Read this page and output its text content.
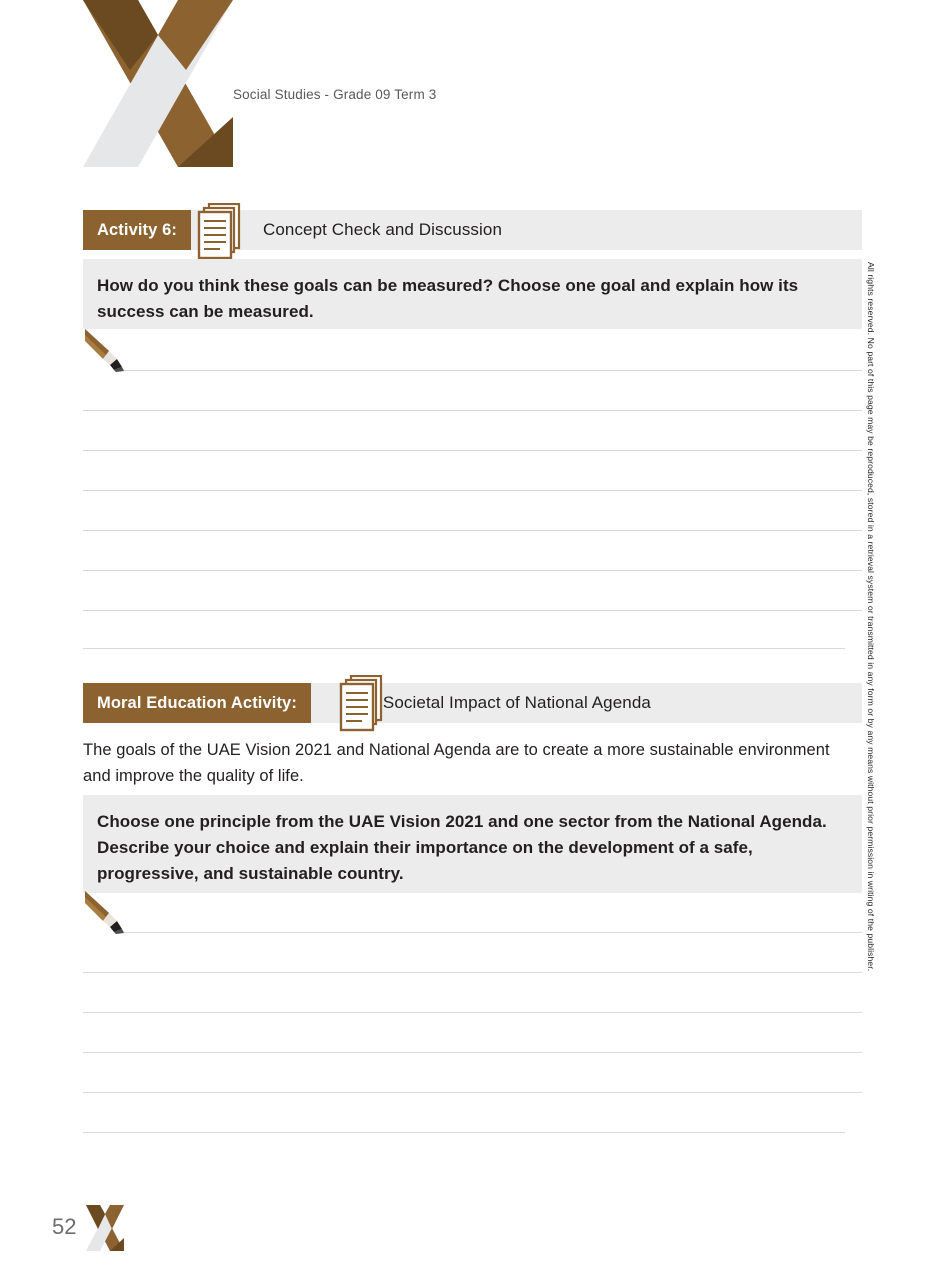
Social Studies - Grade 09 Term 3
Activity 6:	Concept Check and Discussion
How do you think these goals can be measured? Choose one goal and explain how its success can be measured.
Moral Education Activity:	Societal Impact of National Agenda
The goals of the UAE Vision 2021 and National Agenda are to create a more sustainable environment and improve the quality of life.
Choose one principle from the UAE Vision 2021 and one sector from the National Agenda. Describe your choice and explain their importance on the development of a safe, progressive, and sustainable country.	All rights reserved. No part of this page may be reproduced, stored in a retrieval system or transmitted in any form or by any means without prior permission in writing of the publisher.
52
